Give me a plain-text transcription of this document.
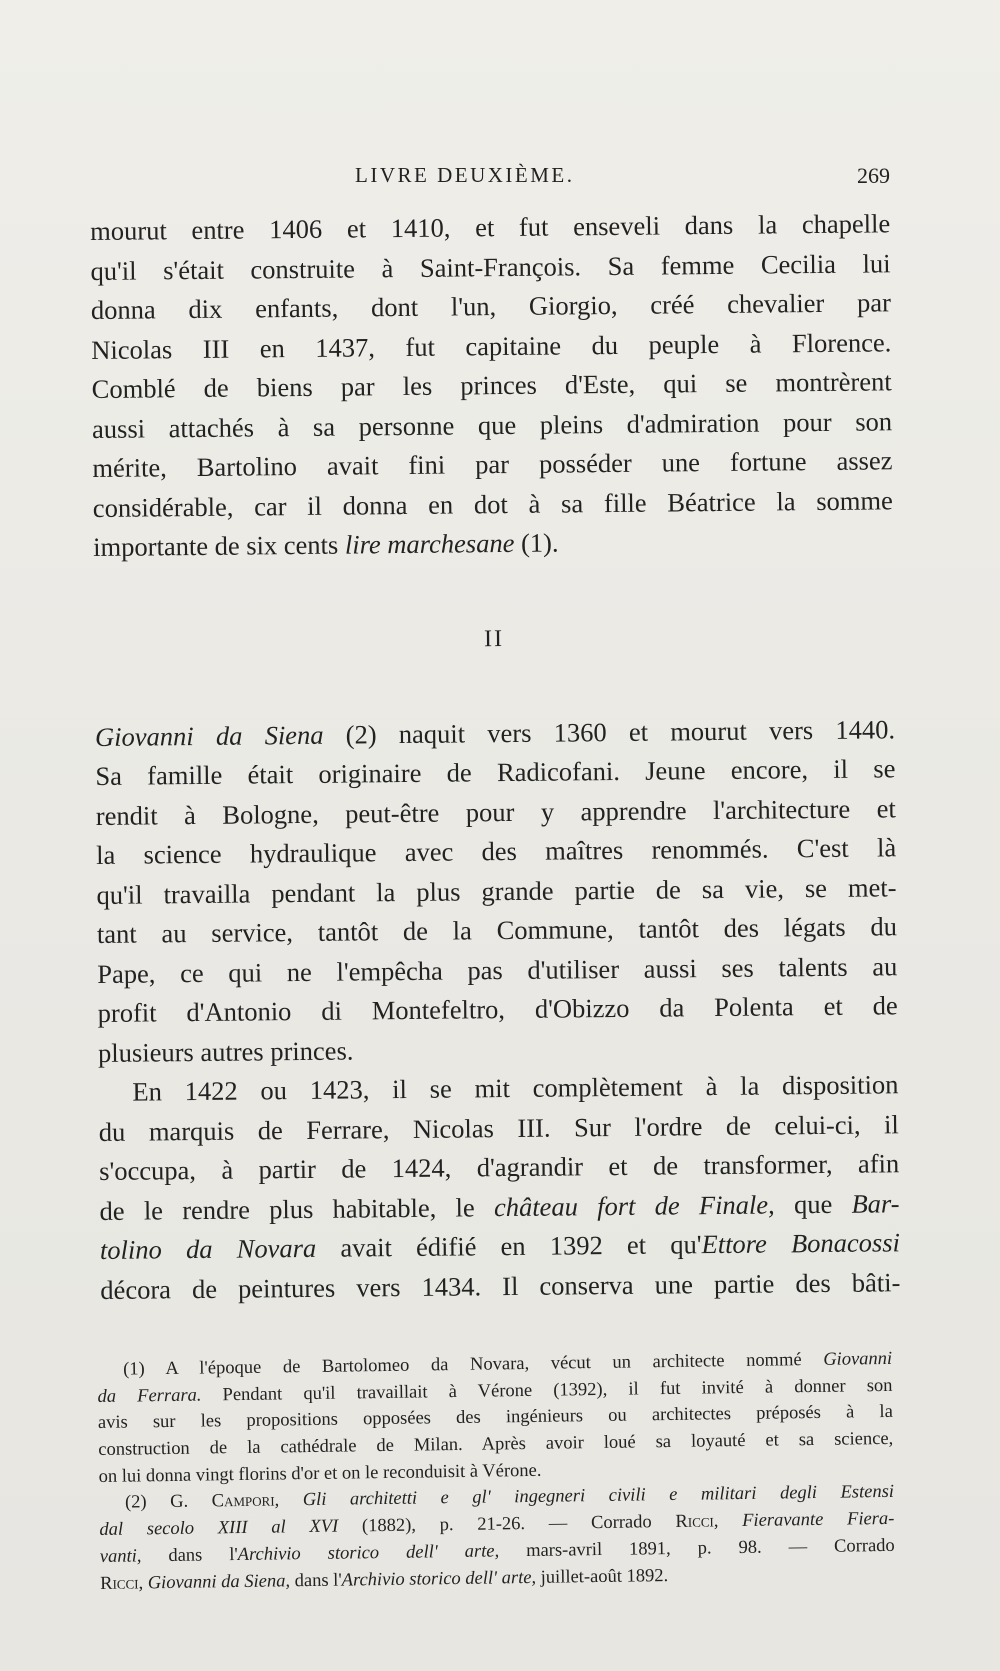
LIVRE DEUXIÈME.	269
mourut entre 1406 et 1410, et fut enseveli dans la chapelle
qu'il s'était construite à Saint-François. Sa femme Cecilia lui
donna dix enfants, dont l'un, Giorgio, créé chevalier par
Nicolas III en 1437, fut capitaine du peuple à Florence.
Comblé de biens par les princes d'Este, qui se montrèrent
aussi attachés à sa personne que pleins d'admiration pour son
mérite, Bartolino avait fini par posséder une fortune assez
considérable, car il donna en dot à sa fille Béatrice la somme
importante de six cents lire marchesane (1).
II
Giovanni da Siena (2) naquit vers 1360 et mourut vers 1440.
Sa famille était originaire de Radicofani. Jeune encore, il se
rendit à Bologne, peut-être pour y apprendre l'architecture et
la science hydraulique avec des maîtres renommés. C'est là
qu'il travailla pendant la plus grande partie de sa vie, se met-
tant au service, tantôt de la Commune, tantôt des légats du
Pape, ce qui ne l'empêcha pas d'utiliser aussi ses talents au
profit d'Antonio di Montefeltro, d'Obizzo da Polenta et de
plusieurs autres princes.
En 1422 ou 1423, il se mit complètement à la disposition
du marquis de Ferrare, Nicolas III. Sur l'ordre de celui-ci, il
s'occupa, à partir de 1424, d'agrandir et de transformer, afin
de le rendre plus habitable, le château fort de Finale, que Bar-
tolino da Novara avait édifié en 1392 et qu'Ettore Bonacossi
décora de peintures vers 1434. Il conserva une partie des bâti-
(1) A l'époque de Bartolomeo da Novara, vécut un architecte nommé Giovanni
da Ferrara. Pendant qu'il travaillait à Vérone (1392), il fut invité à donner son
avis sur les propositions opposées des ingénieurs ou architectes préposés à la
construction de la cathédrale de Milan. Après avoir loué sa loyauté et sa science,
on lui donna vingt florins d'or et on le reconduisit à Vérone.
(2) G. Campori, Gli architetti e gl' ingegneri civili e militari degli Estensi
dal secolo XIII al XVI (1882), p. 21-26. — Corrado Ricci, Fieravante Fiera-
vanti, dans l'Archivio storico dell' arte, mars-avril 1891, p. 98. — Corrado
Ricci, Giovanni da Siena, dans l'Archivio storico dell' arte, juillet-août 1892.
